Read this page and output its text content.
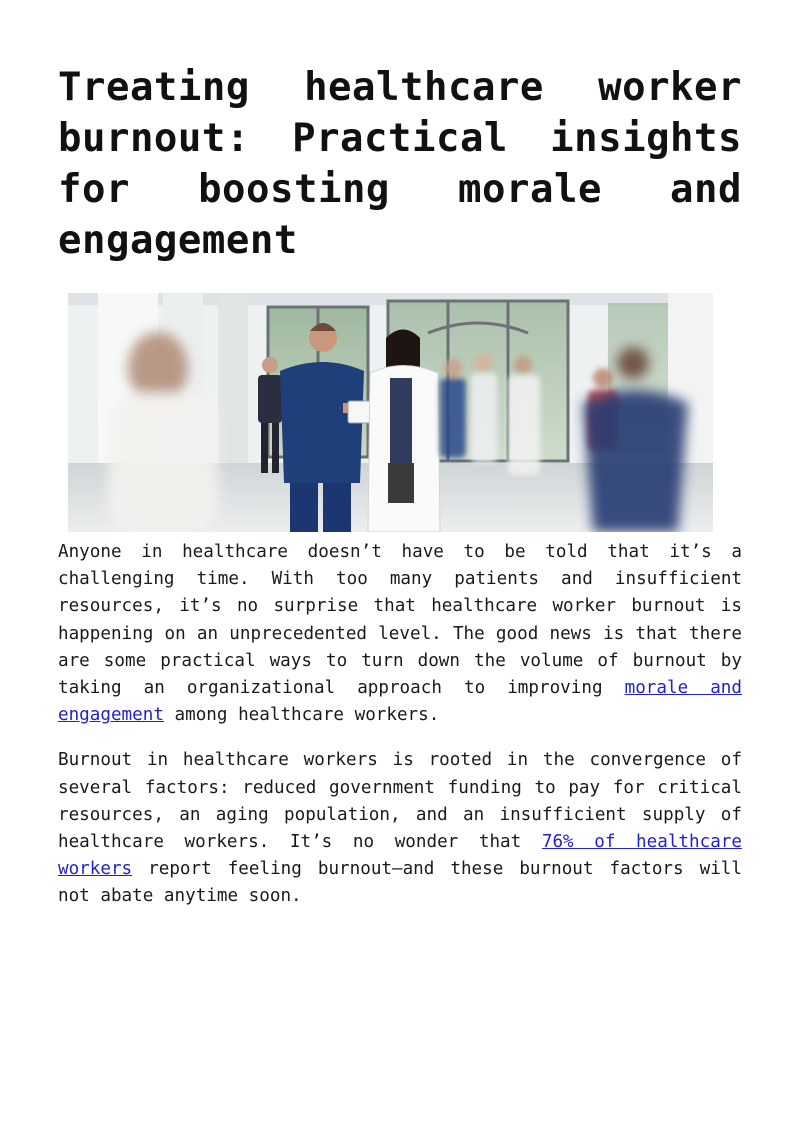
Treating healthcare worker burnout: Practical insights for boosting morale and engagement

Anyone in healthcare doesn’t have to be told that it’s a challenging time. With too many patients and insufficient resources, it’s no surprise that healthcare worker burnout is happening on an unprecedented level. The good news is that there are some practical ways to turn down the volume of burnout by taking an organizational approach to improving morale and engagement among healthcare workers.

Burnout in healthcare workers is rooted in the convergence of several factors: reduced government funding to pay for critical resources, an aging population, and an insufficient supply of healthcare workers. It’s no wonder that 76% of healthcare workers report feeling burnout—and these burnout factors will not abate anytime soon.
